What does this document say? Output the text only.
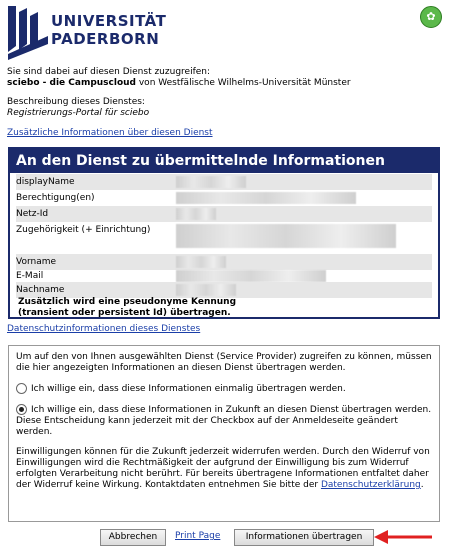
UNIVERSITÄT
PADERBORN
✿
Sie sind dabei auf diesen Dienst zuzugreifen:
sciebo - die Campuscloud von Westfälische Wilhelms-Universität Münster
Beschreibung dieses Dienstes:
Registrierungs-Portal für sciebo
Zusätzliche Informationen über diesen Dienst
An den Dienst zu übermittelnde Informationen
displayName
Berechtigung(en)
Netz-Id
Zugehörigkeit (+ Einrichtung)
Vorname
E-Mail
Nachname
Zusätzlich wird eine pseudonyme Kennung
(transient oder persistent Id) übertragen.
Datenschutzinformationen dieses Dienstes

Um auf den von Ihnen ausgewählten Dienst (Service Provider) zugreifen zu können, müssen die hier angezeigten Informationen an diesen Dienst übertragen werden.

Ich willige ein, dass diese Informationen einmalig übertragen werden.

Ich willige ein, dass diese Informationen in Zukunft an diesen Dienst übertragen werden. Diese Entscheidung kann jederzeit mit der Checkbox auf der Anmeldeseite geändert werden.

Einwilligungen können für die Zukunft jederzeit widerrufen werden. Durch den Widerruf von Einwilligungen wird die Rechtmäßigkeit der aufgrund der Einwilligung bis zum Widerruf erfolgten Verarbeitung nicht berührt. Für bereits übertragene Informationen entfaltet daher der Widerruf keine Wirkung. Kontaktdaten entnehmen Sie bitte der Datenschutzerklärung.

Abbrechen	Print Page	Informationen übertragen
